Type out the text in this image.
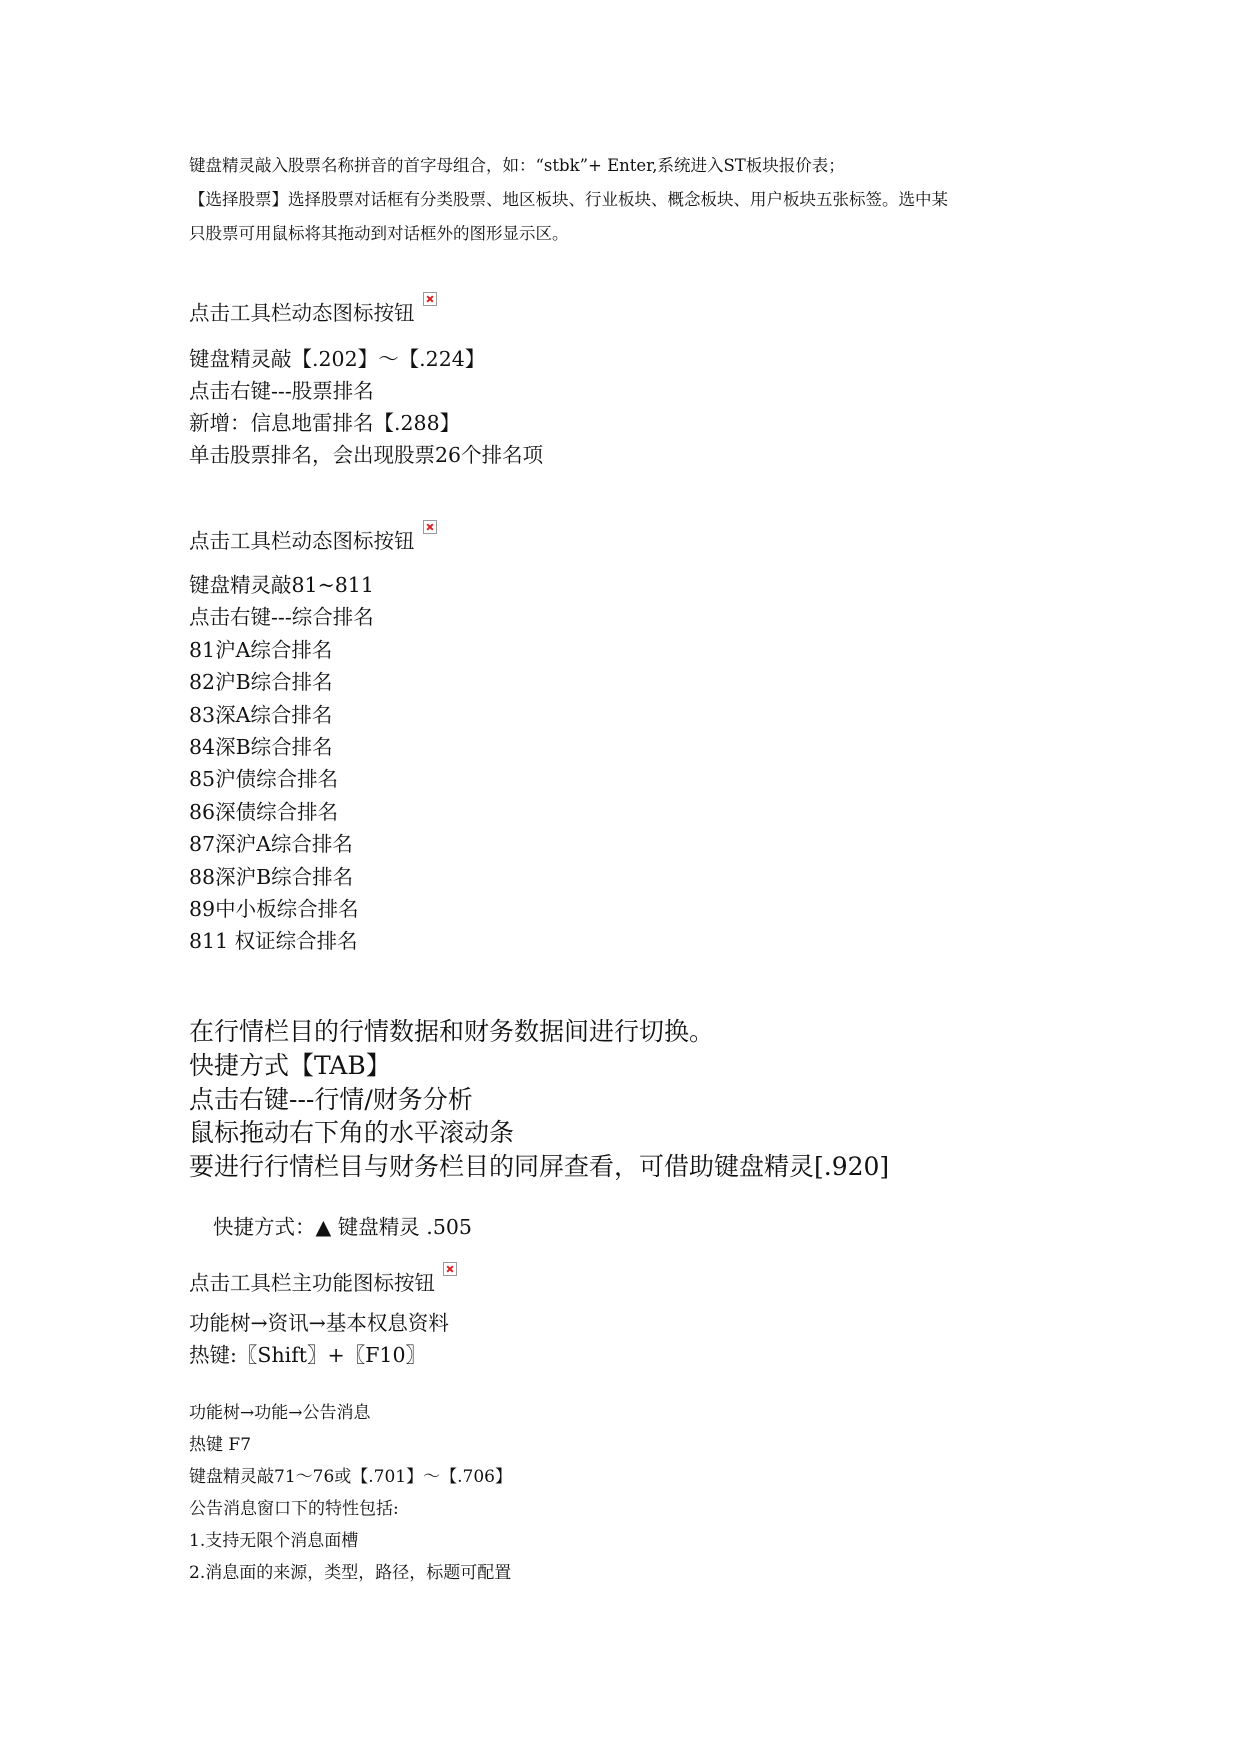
键盘精灵敲入股票名称拼音的首字母组合，如：“stbk”+ Enter,系统进入ST板块报价表；
【选择股票】选择股票对话框有分类股票、地区板块、行业板块、概念板块、用户板块五张标签。选中某
只股票可用鼠标将其拖动到对话框外的图形显示区。
点击工具栏动态图标按钮
键盘精灵敲【.202】～【.224】
点击右键---股票排名
新增：信息地雷排名【.288】
单击股票排名，会出现股票26个排名项
点击工具栏动态图标按钮
键盘精灵敲81~811
点击右键---综合排名
81沪A综合排名
82沪B综合排名
83深A综合排名
84深B综合排名
85沪债综合排名
86深债综合排名
87深沪A综合排名
88深沪B综合排名
89中小板综合排名
811 权证综合排名
在行情栏目的行情数据和财务数据间进行切换。
快捷方式【TAB】
点击右键---行情/财务分析
鼠标拖动右下角的水平滚动条
要进行行情栏目与财务栏目的同屏查看，可借助键盘精灵[.920]
快捷方式：▲ 键盘精灵 .505
点击工具栏主功能图标按钮
功能树→资讯→基本权息资料
热键:〖Shift〗+〖F10〗
功能树→功能→公告消息
热键 F7
键盘精灵敲71～76或【.701】～【.706】
公告消息窗口下的特性包括:
1.支持无限个消息面槽
2.消息面的来源，类型，路径，标题可配置
